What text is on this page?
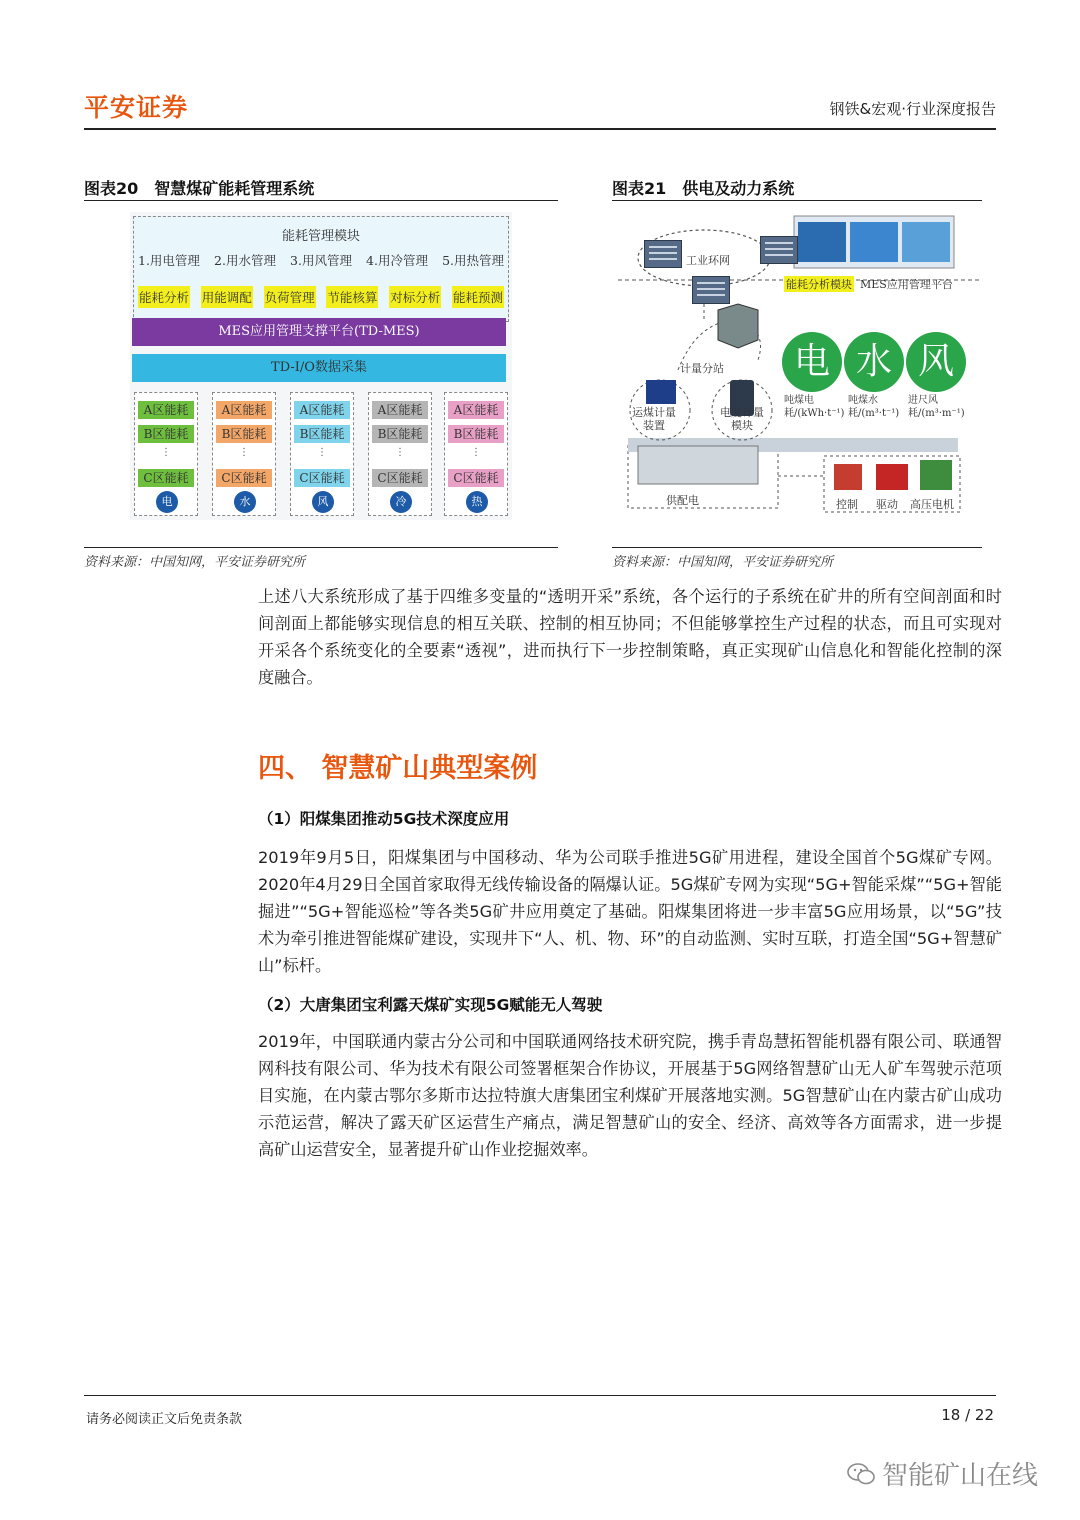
平安证券	钢铁&宏观·行业深度报告
图表20　智慧煤矿能耗管理系统
能耗管理模块
1.用电管理 2.用水管理 3.用风管理 4.用冷管理 5.用热管理
能耗分析 用能调配 负荷管理 节能核算 对标分析 能耗预测
MES应用管理支撑平台(TD-MES)
TD-I/O数据采集
A区能耗
B区能耗
⋮
C区能耗
电
A区能耗
B区能耗
⋮
C区能耗
水
A区能耗
B区能耗
⋮
C区能耗
风
A区能耗
B区能耗
⋮
C区能耗
冷
A区能耗
B区能耗
⋮
C区能耗
热
资料来源：中国知网，平安证券研究所
图表21　供电及动力系统
工业环网
能耗分析模块 MES应用管理平台
计量分站
运煤计量装置
电度计量模块
电 水 风
吨煤电耗/(kWh·t⁻¹)
吨煤水耗/(m³·t⁻¹)
进尺风耗/(m³·m⁻¹)
供配电	控制 驱动 高压电机
资料来源：中国知网，平安证券研究所
上述八大系统形成了基于四维多变量的“透明开采”系统，各个运行的子系统在矿井的所有空间剖面和时间剖面上都能够实现信息的相互关联、控制的相互协同；不但能够掌控生产过程的状态，而且可实现对开采各个系统变化的全要素“透视”，进而执行下一步控制策略，真正实现矿山信息化和智能化控制的深度融合。
四、 智慧矿山典型案例
（1）阳煤集团推动5G技术深度应用
2019年9月5日，阳煤集团与中国移动、华为公司联手推进5G矿用进程，建设全国首个5G煤矿专网。2020年4月29日全国首家取得无线传输设备的隔爆认证。5G煤矿专网为实现“5G+智能采煤”“5G+智能掘进”“5G+智能巡检”等各类5G矿井应用奠定了基础。阳煤集团将进一步丰富5G应用场景，以“5G”技术为牵引推进智能煤矿建设，实现井下“人、机、物、环”的自动监测、实时互联，打造全国“5G+智慧矿山”标杆。
（2）大唐集团宝利露天煤矿实现5G赋能无人驾驶
2019年，中国联通内蒙古分公司和中国联通网络技术研究院，携手青岛慧拓智能机器有限公司、联通智网科技有限公司、华为技术有限公司签署框架合作协议，开展基于5G网络智慧矿山无人矿车驾驶示范项目实施，在内蒙古鄂尔多斯市达拉特旗大唐集团宝利煤矿开展落地实测。5G智慧矿山在内蒙古矿山成功示范运营，解决了露天矿区运营生产痛点，满足智慧矿山的安全、经济、高效等各方面需求，进一步提高矿山运营安全，显著提升矿山作业挖掘效率。
请务必阅读正文后免责条款	18 / 22
智能矿山在线
